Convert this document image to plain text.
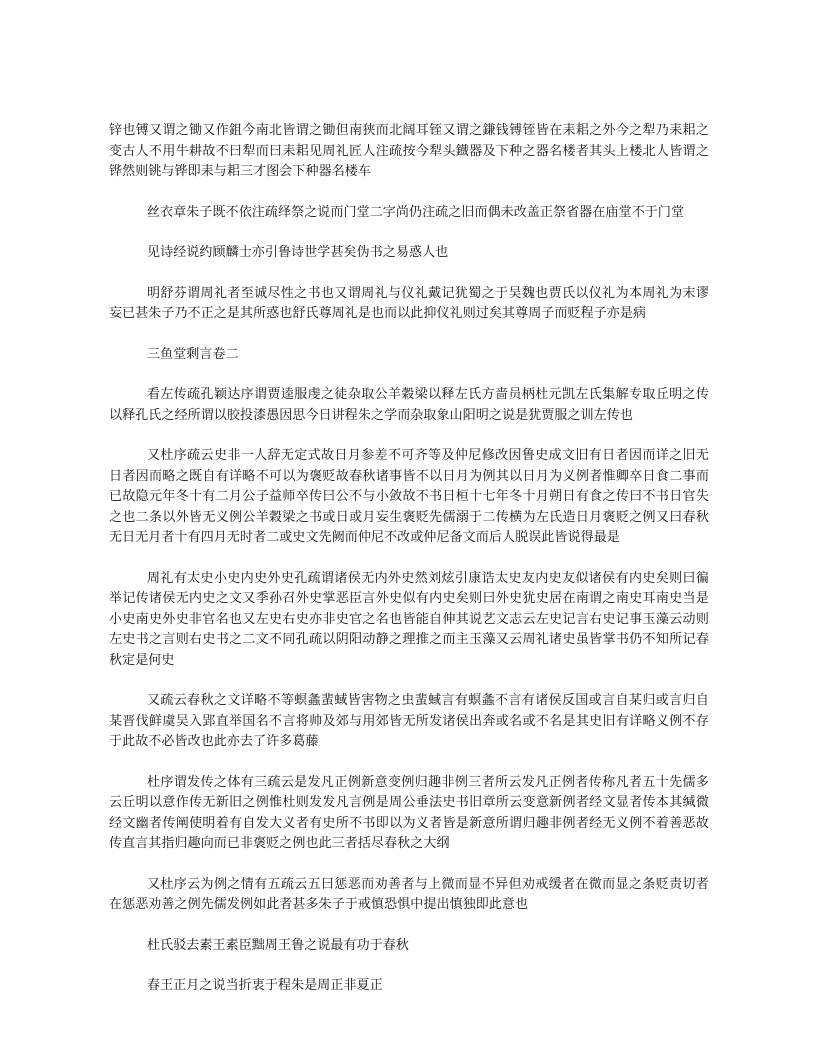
锌也镈又谓之锄又作鉏今南北皆谓之锄但南狭而北阔耳铚又谓之鎌钱镈铚皆在耒耜之外今之犁乃耒耜之变古人不用牛耕故不曰犁而曰耒耜见周礼匠人注疏按今犁头鐡器及下种之器名楼者其头上楼北人皆谓之铧然则铫与铧即耒与耜三才图会下种器名楼车

丝衣章朱子既不依注疏绎祭之说而门堂二字尚仍注疏之旧而偶未改盖正祭省器在庙堂不于门堂

见诗经说约顾麟士亦引鲁诗世学甚矣伪书之易惑人也

明舒芬谓周礼者至诚尽性之书也又谓周礼与仪礼戴记犹蜀之于吴魏也贾氏以仪礼为本周礼为末谬妄已甚朱子乃不正之是其所惑也舒氏尊周礼是也而以此抑仪礼则过矣其尊周子而贬程子亦是病

三鱼堂剩言卷二

看左传疏孔颖达序谓贾逵服虔之徒杂取公羊穀梁以释左氏方啬员柄杜元凯左氏集解专取丘明之传以释孔氏之经所谓以胶投漆愚因思今日讲程朱之学而杂取象山阳明之说是犹贾服之训左传也

又杜序疏云史非一人辞无定式故日月参差不可齐等及仲尼修改因鲁史成文旧有日者因而详之旧无日者因而略之既自有详略不可以为褒贬故春秋诸事皆不以日月为例其以日月为义例者惟卿卒日食二事而已故隐元年冬十有二月公子益师卒传曰公不与小敛故不书日桓十七年冬十月朔日有食之传曰不书日官失之也二条以外皆无义例公羊穀梁之书或日或月妄生褒贬先儒溺于二传横为左氏造日月褒贬之例又曰春秋无日无月者十有四月无时者二或史文先阙而仲尼不改或仲尼备文而后人脱误此皆说得最是

周礼有太史小史内史外史孔疏谓诸侯无内外史然刘炫引康诰太史友内史友似诸侯有内史矣则曰徧举记传诸侯无内史之文又季孙召外史掌恶臣言外史似有内史矣则曰外史犹史居在南谓之南史耳南史当是小史南史外史非官名也又左史右史亦非史官之名也皆能自伸其说艺文志云左史记言右史记事玉藻云动则左史书之言则右史书之二文不同孔疏以阴阳动静之理推之而主玉藻又云周礼诸史虽皆掌书仍不知所记春秋定是何史

又疏云春秋之文详略不等螟螽蜚蜮皆害物之虫蜚蜮言有螟螽不言有诸侯反国或言自某归或言归自某晋伐鲜虞吴入郢直举国名不言将帅及郊与用郊皆无所发诸侯出奔或名或不名是其史旧有详略义例不存于此故不必皆改也此亦去了许多葛藤

杜序谓发传之体有三疏云是发凡正例新意变例归趣非例三者所云发凡正例者传称凡者五十先儒多云丘明以意作传无新旧之例惟杜则发发凡言例是周公垂法史书旧章所云变意新例者经文显者传本其缄微经文幽者传阐使明着有自发大义者有史所不书即以为义者皆是新意所谓归趣非例者经无义例不着善恶故传直言其指归趣向而已非褒贬之例也此三者括尽春秋之大纲

又杜序云为例之情有五疏云五曰惩恶而劝善者与上微而显不异但劝戒缓者在微而显之条贬责切者在惩恶劝善之例先儒发例如此者甚多朱子于戒慎恐惧中提出慎独即此意也

杜氏驳去素王素臣黜周王鲁之说最有功于春秋

春王正月之说当折衷于程朱是周正非夏正
